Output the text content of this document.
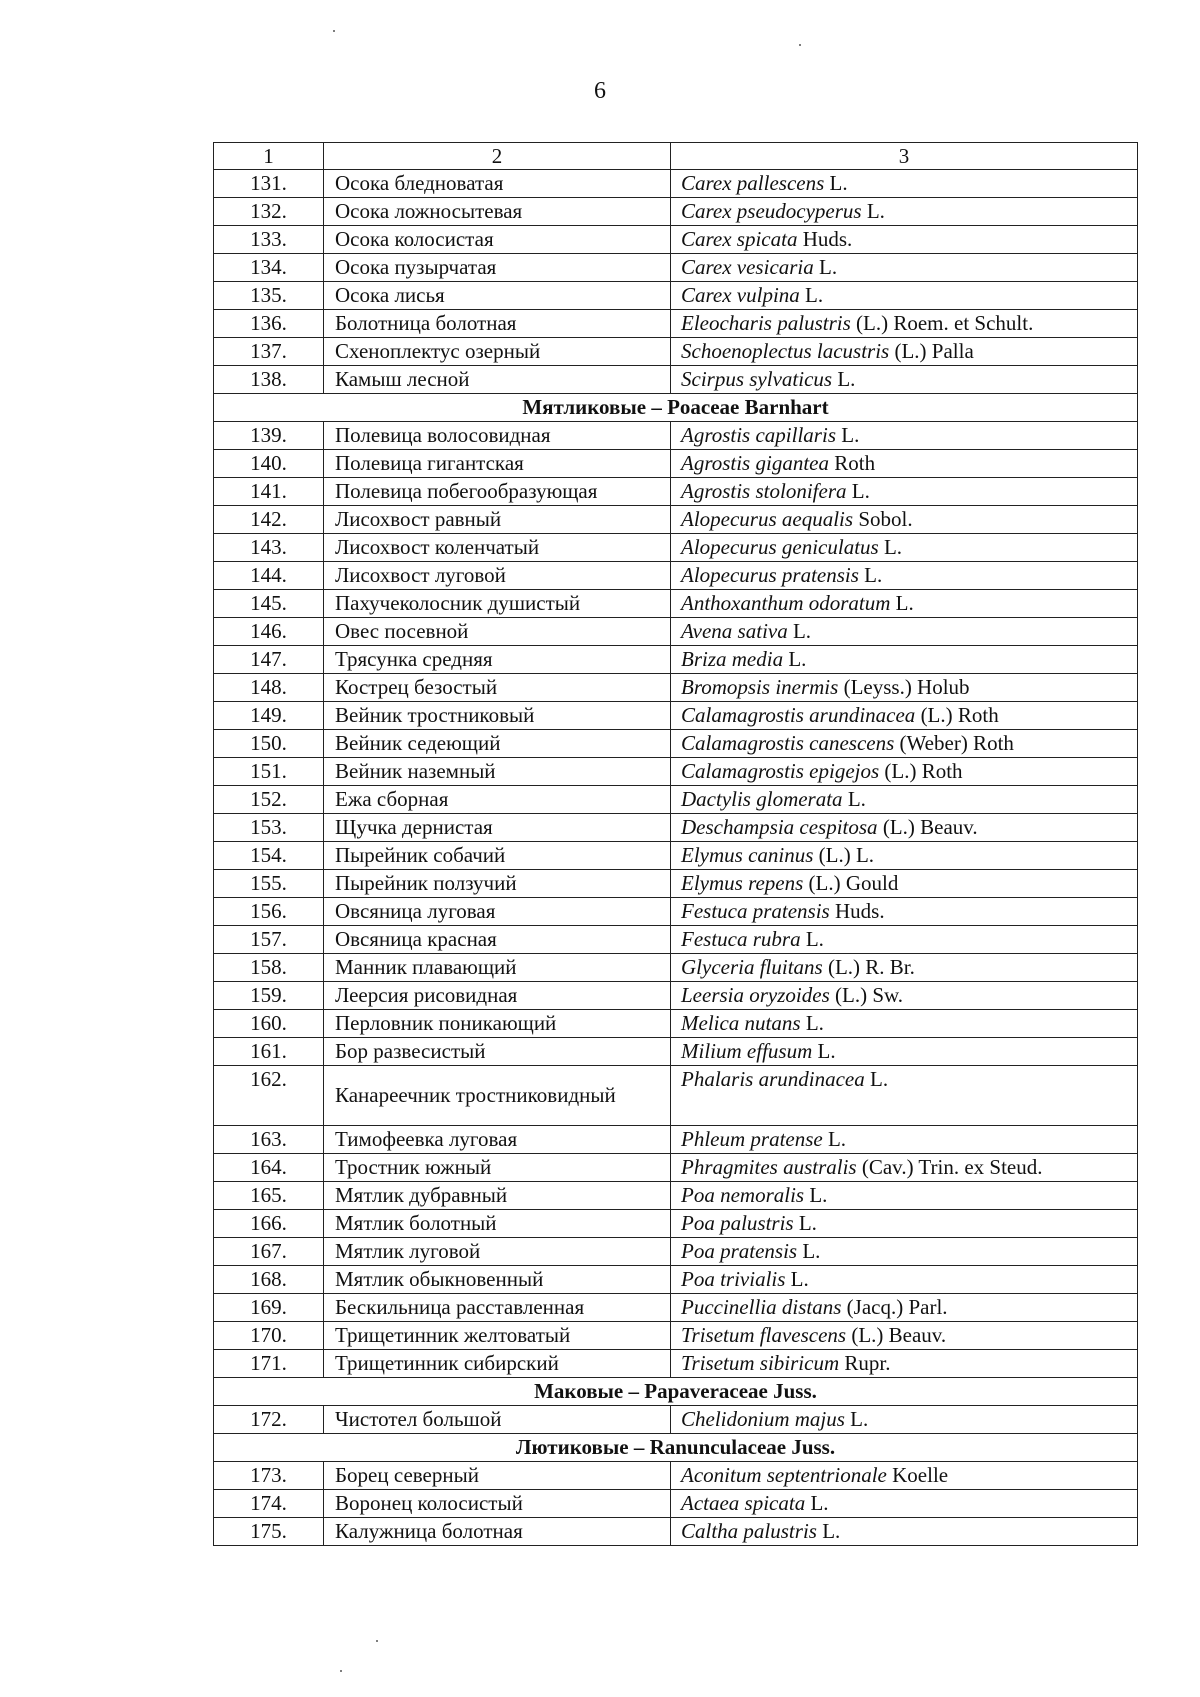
6
1	2	3
131.	Осока бледноватая	Carex pallescens L.
132.	Осока ложносытевая	Carex pseudocyperus L.
133.	Осока колосистая	Carex spicata Huds.
134.	Осока пузырчатая	Carex vesicaria L.
135.	Осока лисья	Carex vulpina L.
136.	Болотница болотная	Eleocharis palustris (L.) Roem. et Schult.
137.	Схеноплектус озерный	Schoenoplectus lacustris (L.) Palla
138.	Камыш лесной	Scirpus sylvaticus L.
Мятликовые – Poaceae Barnhart		
139.	Полевица волосовидная	Agrostis capillaris L.
140.	Полевица гигантская	Agrostis gigantea Roth
141.	Полевица побегообразующая	Agrostis stolonifera L.
142.	Лисохвост равный	Alopecurus aequalis Sobol.
143.	Лисохвост коленчатый	Alopecurus geniculatus L.
144.	Лисохвост луговой	Alopecurus pratensis L.
145.	Пахучеколосник душистый	Anthoxanthum odoratum L.
146.	Овес посевной	Avena sativa L.
147.	Трясунка средняя	Briza media L.
148.	Кострец безостый	Bromopsis inermis (Leyss.) Holub
149.	Вейник тростниковый	Calamagrostis arundinacea (L.) Roth
150.	Вейник седеющий	Calamagrostis canescens (Weber) Roth
151.	Вейник наземный	Calamagrostis epigejos (L.) Roth
152.	Ежа сборная	Dactylis glomerata L.
153.	Щучка дернистая	Deschampsia cespitosa (L.) Beauv.
154.	Пырейник собачий	Elymus caninus (L.) L.
155.	Пырейник ползучий	Elymus repens (L.) Gould
156.	Овсяница луговая	Festuca pratensis Huds.
157.	Овсяница красная	Festuca rubra L.
158.	Манник плавающий	Glyceria fluitans (L.) R. Br.
159.	Леерсия рисовидная	Leersia oryzoides (L.) Sw.
160.	Перловник поникающий	Melica nutans L.
161.	Бор развесистый	Milium effusum L.
162.	Канареечник тростниковидный	Phalaris arundinacea L.
163.	Тимофеевка луговая	Phleum pratense L.
164.	Тростник южный	Phragmites australis (Cav.) Trin. ex Steud.
165.	Мятлик дубравный	Poa nemoralis L.
166.	Мятлик болотный	Poa palustris L.
167.	Мятлик луговой	Poa pratensis L.
168.	Мятлик обыкновенный	Poa trivialis L.
169.	Бескильница расставленная	Puccinellia distans (Jacq.) Parl.
170.	Трищетинник желтоватый	Trisetum flavescens (L.) Beauv.
171.	Трищетинник сибирский	Trisetum sibiricum Rupr.
Маковые – Papaveraceae Juss.		
172.	Чистотел большой	Chelidonium majus L.
Лютиковые – Ranunculaceae Juss.		
173.	Борец северный	Aconitum septentrionale Koelle
174.	Воронец колосистый	Actaea spicata L.
175.	Калужница болотная	Caltha palustris L.
